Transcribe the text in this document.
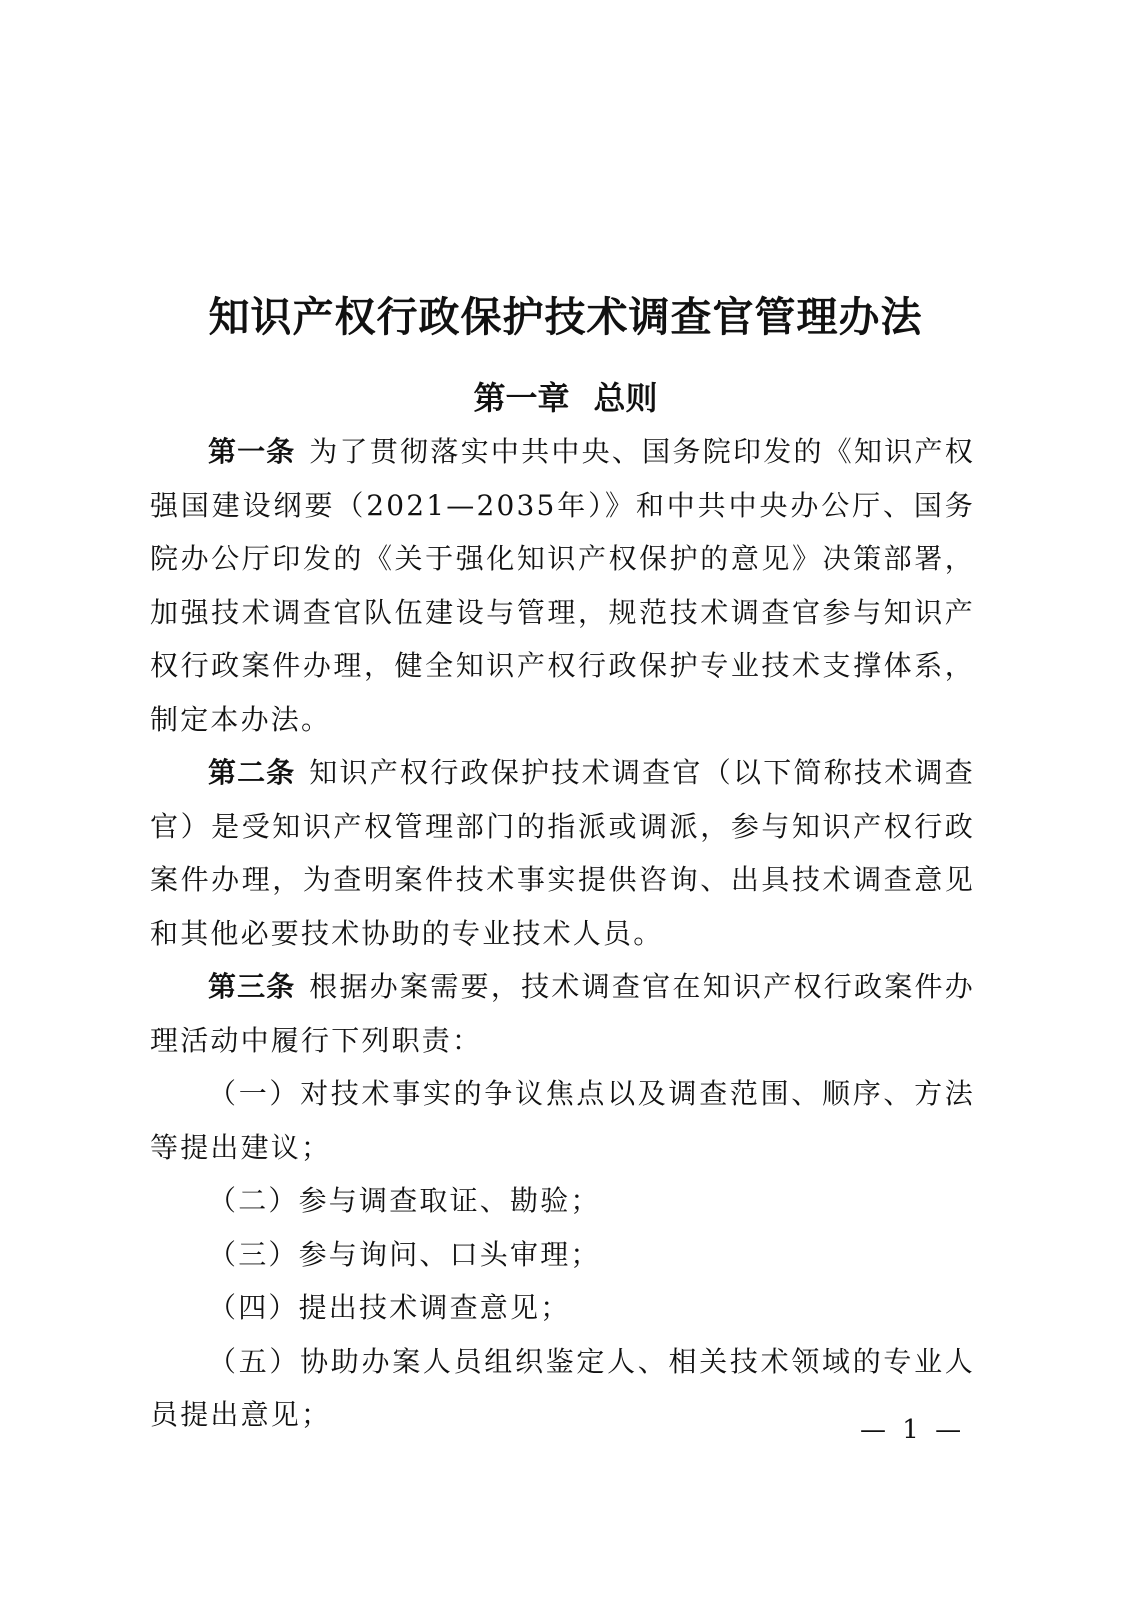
知识产权行政保护技术调查官管理办法
第一章 总则

第一条 为了贯彻落实中共中央、国务院印发的《知识产权强国建设纲要（2021—2035年）》和中共中央办公厅、国务院办公厅印发的《关于强化知识产权保护的意见》决策部署，加强技术调查官队伍建设与管理，规范技术调查官参与知识产权行政案件办理，健全知识产权行政保护专业技术支撑体系，制定本办法。

第二条 知识产权行政保护技术调查官（以下简称技术调查官）是受知识产权管理部门的指派或调派，参与知识产权行政案件办理，为查明案件技术事实提供咨询、出具技术调查意见和其他必要技术协助的专业技术人员。

第三条 根据办案需要，技术调查官在知识产权行政案件办理活动中履行下列职责：

（一）对技术事实的争议焦点以及调查范围、顺序、方法等提出建议；

（二）参与调查取证、勘验；

（三）参与询问、口头审理；

（四）提出技术调查意见；

（五）协助办案人员组织鉴定人、相关技术领域的专业人员提出意见；	— 1 —
